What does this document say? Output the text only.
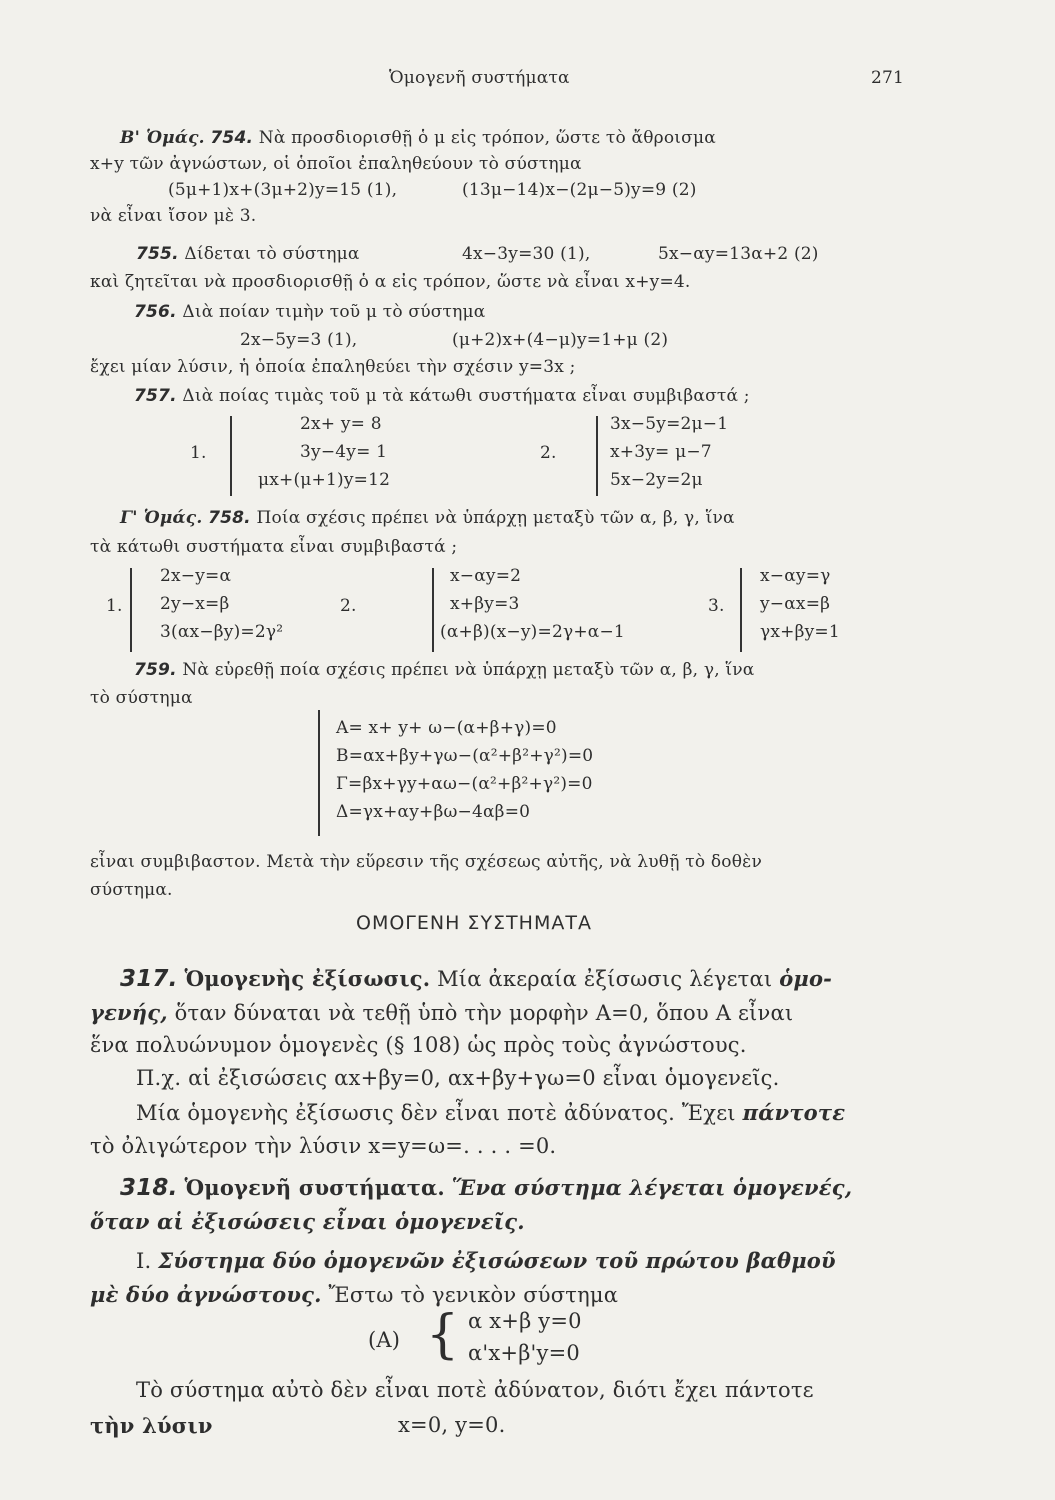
Ὁμογενῆ συστήματα	271
Β' Ὁμάς. 754. Νὰ προσδιορισθῇ ὁ μ εἰς τρόπον, ὥστε τὸ ἄθροισμα
x+y τῶν ἀγνώστων, οἱ ὁποῖοι ἐπαληθεύουν τὸ σύστημα
(5μ+1)x+(3μ+2)y=15 (1),	(13μ−14)x−(2μ−5)y=9 (2)
νὰ εἶναι ἴσον μὲ 3.
755. Δίδεται τὸ σύστημα	4x−3y=30 (1),	5x−αy=13α+2 (2)
καὶ ζητεῖται νὰ προσδιορισθῇ ὁ α εἰς τρόπον, ὥστε νὰ εἶναι x+y=4.
756. Διὰ ποίαν τιμὴν τοῦ μ τὸ σύστημα
2x−5y=3 (1),	(μ+2)x+(4−μ)y=1+μ (2)
ἔχει μίαν λύσιν, ἡ ὁποία ἐπαληθεύει τὴν σχέσιν y=3x ;
757. Διὰ ποίας τιμὰς τοῦ μ τὰ κάτωθι συστήματα εἶναι συμβιβαστά ;
1.
2x+ y= 8
3y−4y= 1
μx+(μ+1)y=12
2.
3x−5y=2μ−1
x+3y= μ−7
5x−2y=2μ
Γ' Ὁμάς. 758. Ποία σχέσις πρέπει νὰ ὑπάρχῃ μεταξὺ τῶν α, β, γ, ἵνα
τὰ κάτωθι συστήματα εἶναι συμβιβαστά ;
1.
2x−y=α
2y−x=β
3(αx−βy)=2γ²
2.
x−αy=2
x+βy=3
(α+β)(x−y)=2γ+α−1
3.
x−αy=γ
y−αx=β
γx+βy=1
759. Νὰ εὑρεθῇ ποία σχέσις πρέπει νὰ ὑπάρχῃ μεταξὺ τῶν α, β, γ, ἵνα
τὸ σύστημα
A= x+ y+ ω−(α+β+γ)=0
B=αx+βy+γω−(α²+β²+γ²)=0
Γ=βx+γy+αω−(α²+β²+γ²)=0
Δ=γx+αy+βω−4αβ=0
εἶναι συμβιβαστον. Μετὰ τὴν εὕρεσιν τῆς σχέσεως αὐτῆς, νὰ λυθῇ τὸ δοθὲν
σύστημα.
ΟΜΟΓΕΝΗ ΣΥΣΤΗΜΑΤΑ
317. Ὁμογενὴς ἐξίσωσις. Μία ἀκεραία ἐξίσωσις λέγεται ὁμο-
γενής, ὅταν δύναται νὰ τεθῇ ὑπὸ τὴν μορφὴν A=0, ὅπου A εἶναι
ἕνα πολυώνυμον ὁμογενὲς (§ 108) ὡς πρὸς τοὺς ἀγνώστους.
Π.χ. αἱ ἐξισώσεις αx+βy=0, αx+βy+γω=0 εἶναι ὁμογενεῖς.
Μία ὁμογενὴς ἐξίσωσις δὲν εἶναι ποτὲ ἀδύνατος. Ἔχει πάντοτε
τὸ ὀλιγώτερον τὴν λύσιν x=y=ω=. . . . =0.
318. Ὁμογενῆ συστήματα. Ἕνα σύστημα λέγεται ὁμογενές,
ὅταν αἱ ἐξισώσεις εἶναι ὁμογενεῖς.
Ι. Σύστημα δύο ὁμογενῶν ἐξισώσεων τοῦ πρώτου βαθμοῦ
μὲ δύο ἀγνώστους. Ἔστω τὸ γενικὸν σύστημα
(A) { α x+β y=0
α'x+β'y=0
Τὸ σύστημα αὐτὸ δὲν εἶναι ποτὲ ἀδύνατον, διότι ἔχει πάντοτε
τὴν λύσιν	x=0, y=0.
